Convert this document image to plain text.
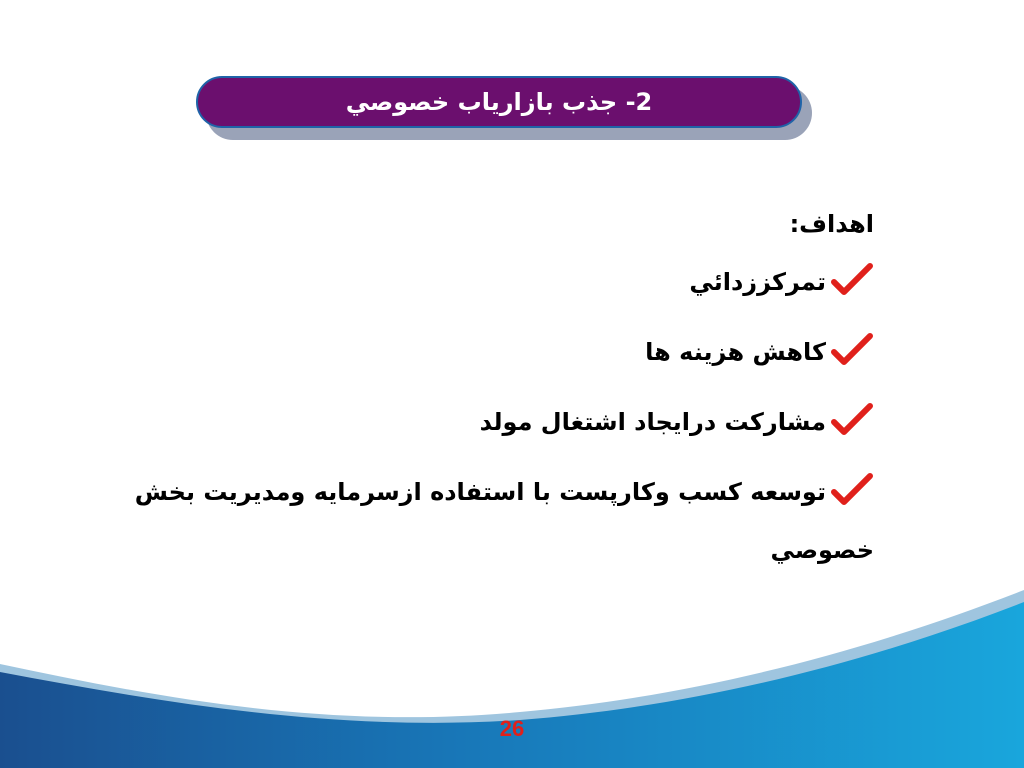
2- جذب بازارياب خصوصي
اهداف:
تمركززدائي
كاهش هزينه ها
مشاركت درايجاد اشتغال مولد
توسعه كسب وكارپست با استفاده ازسرمايه ومديريت بخش
خصوصي
26
